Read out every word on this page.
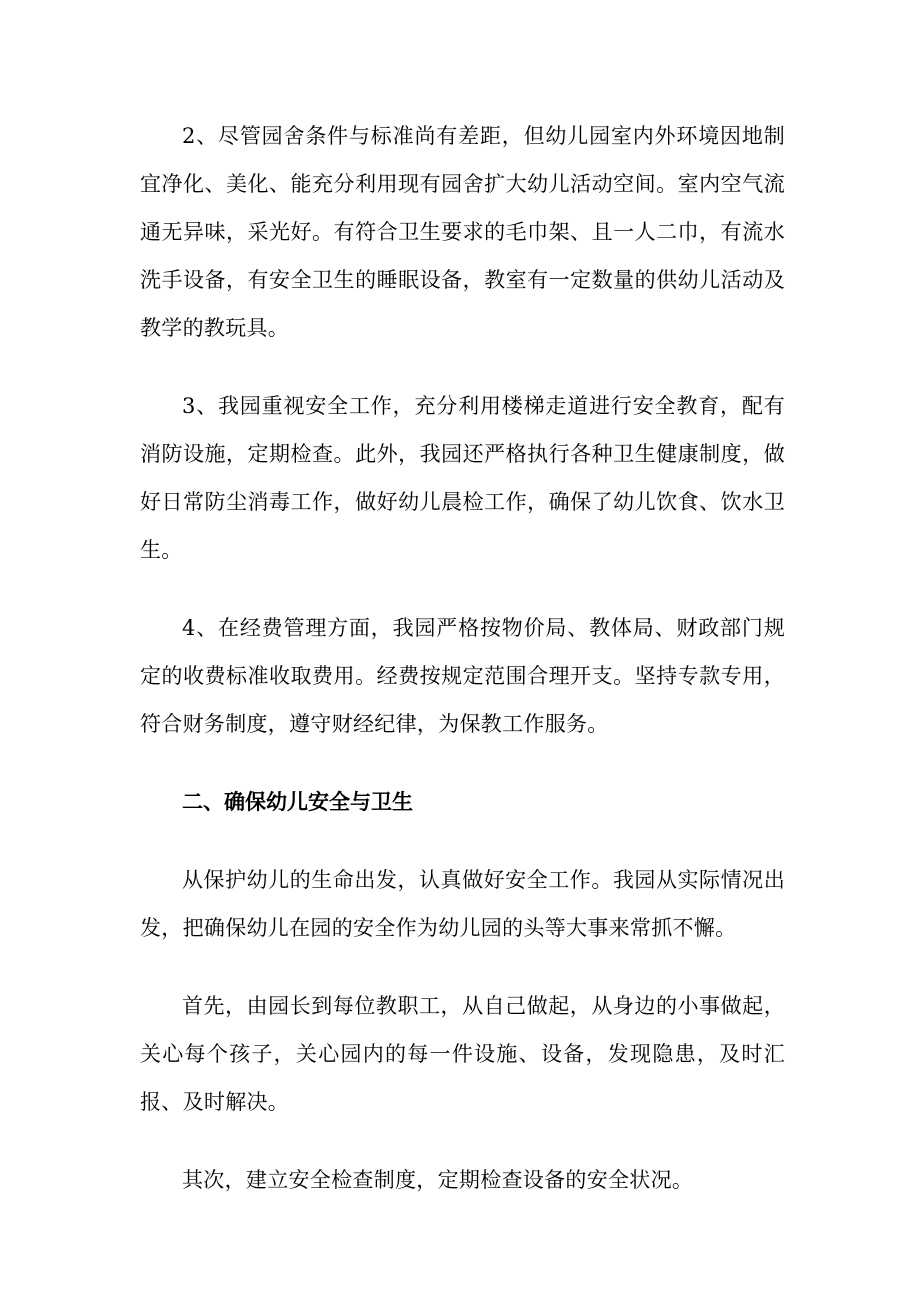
2、尽管园舍条件与标准尚有差距，但幼儿园室内外环境因地制宜净化、美化、能充分利用现有园舍扩大幼儿活动空间。室内空气流通无异味，采光好。有符合卫生要求的毛巾架、且一人二巾，有流水洗手设备，有安全卫生的睡眠设备，教室有一定数量的供幼儿活动及教学的教玩具。

3、我园重视安全工作，充分利用楼梯走道进行安全教育，配有消防设施，定期检查。此外，我园还严格执行各种卫生健康制度，做好日常防尘消毒工作，做好幼儿晨检工作，确保了幼儿饮食、饮水卫生。

4、在经费管理方面，我园严格按物价局、教体局、财政部门规定的收费标准收取费用。经费按规定范围合理开支。坚持专款专用，符合财务制度，遵守财经纪律，为保教工作服务。

二、确保幼儿安全与卫生

从保护幼儿的生命出发，认真做好安全工作。我园从实际情况出发，把确保幼儿在园的安全作为幼儿园的头等大事来常抓不懈。

首先，由园长到每位教职工，从自己做起，从身边的小事做起，关心每个孩子，关心园内的每一件设施、设备，发现隐患，及时汇报、及时解决。

其次，建立安全检查制度，定期检查设备的安全状况。
